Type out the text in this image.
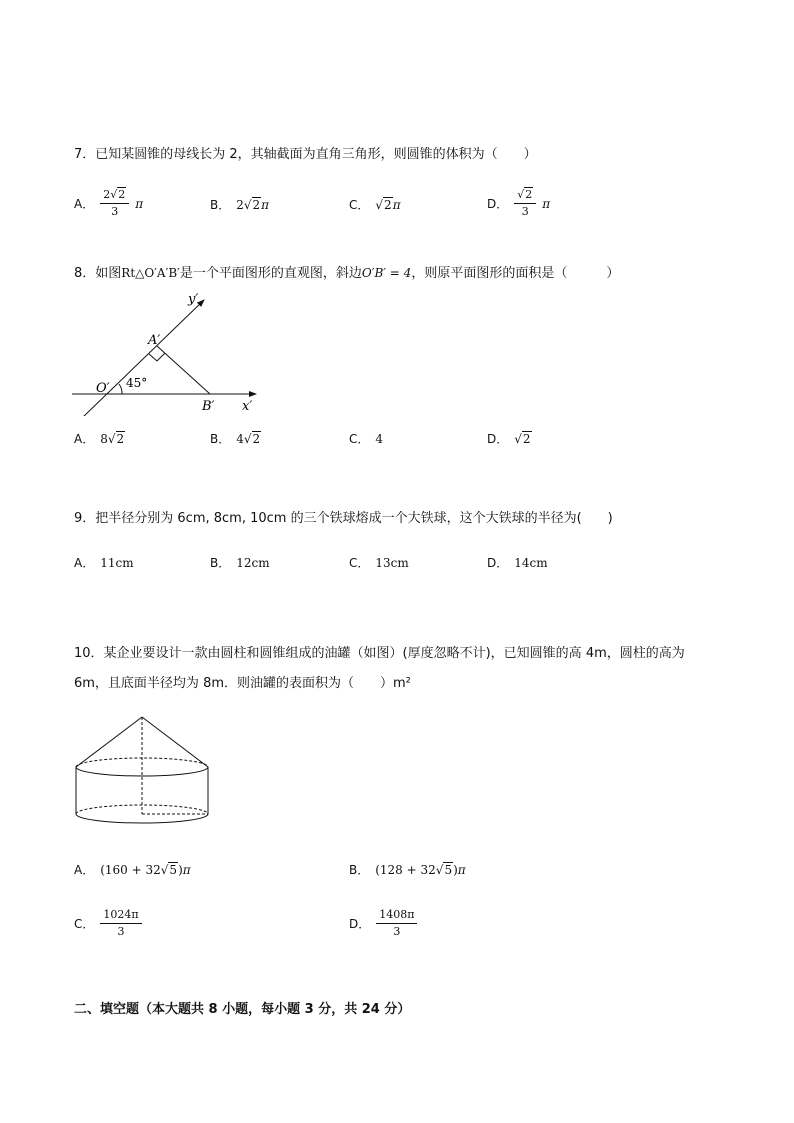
7．已知某圆锥的母线长为 2，其轴截面为直角三角形，则圆锥的体积为（　　）
A． $\frac{2√2}{3}$ π	B． 2√2π	C． √2π	D． $\frac{√2}{3}$ π
8．如图Rt△O′A′B′是一个平面图形的直观图，斜边O′B′ = 4，则原平面图形的面积是（　　　）
y′
A′
O′ 45°
B′ x′
A． 8√2	B． 4√2	C． 4	D． √2
9．把半径分别为 6cm, 8cm, 10cm 的三个铁球熔成一个大铁球，这个大铁球的半径为(　　)
A． 11cm	B． 12cm	C． 13cm	D． 14cm
10．某企业要设计一款由圆柱和圆锥组成的油罐（如图）(厚度忽略不计)，已知圆锥的高 4m，圆柱的高为
6m，且底面半径均为 8m．则油罐的表面积为（　　）m²
A． (160 + 32√5)π	B． (128 + 32√5)π
C． $\frac{1024\pi}{3}$	D． $\frac{1408\pi}{3}$
二、填空题（本大题共 8 小题，每小题 3 分，共 24 分）
